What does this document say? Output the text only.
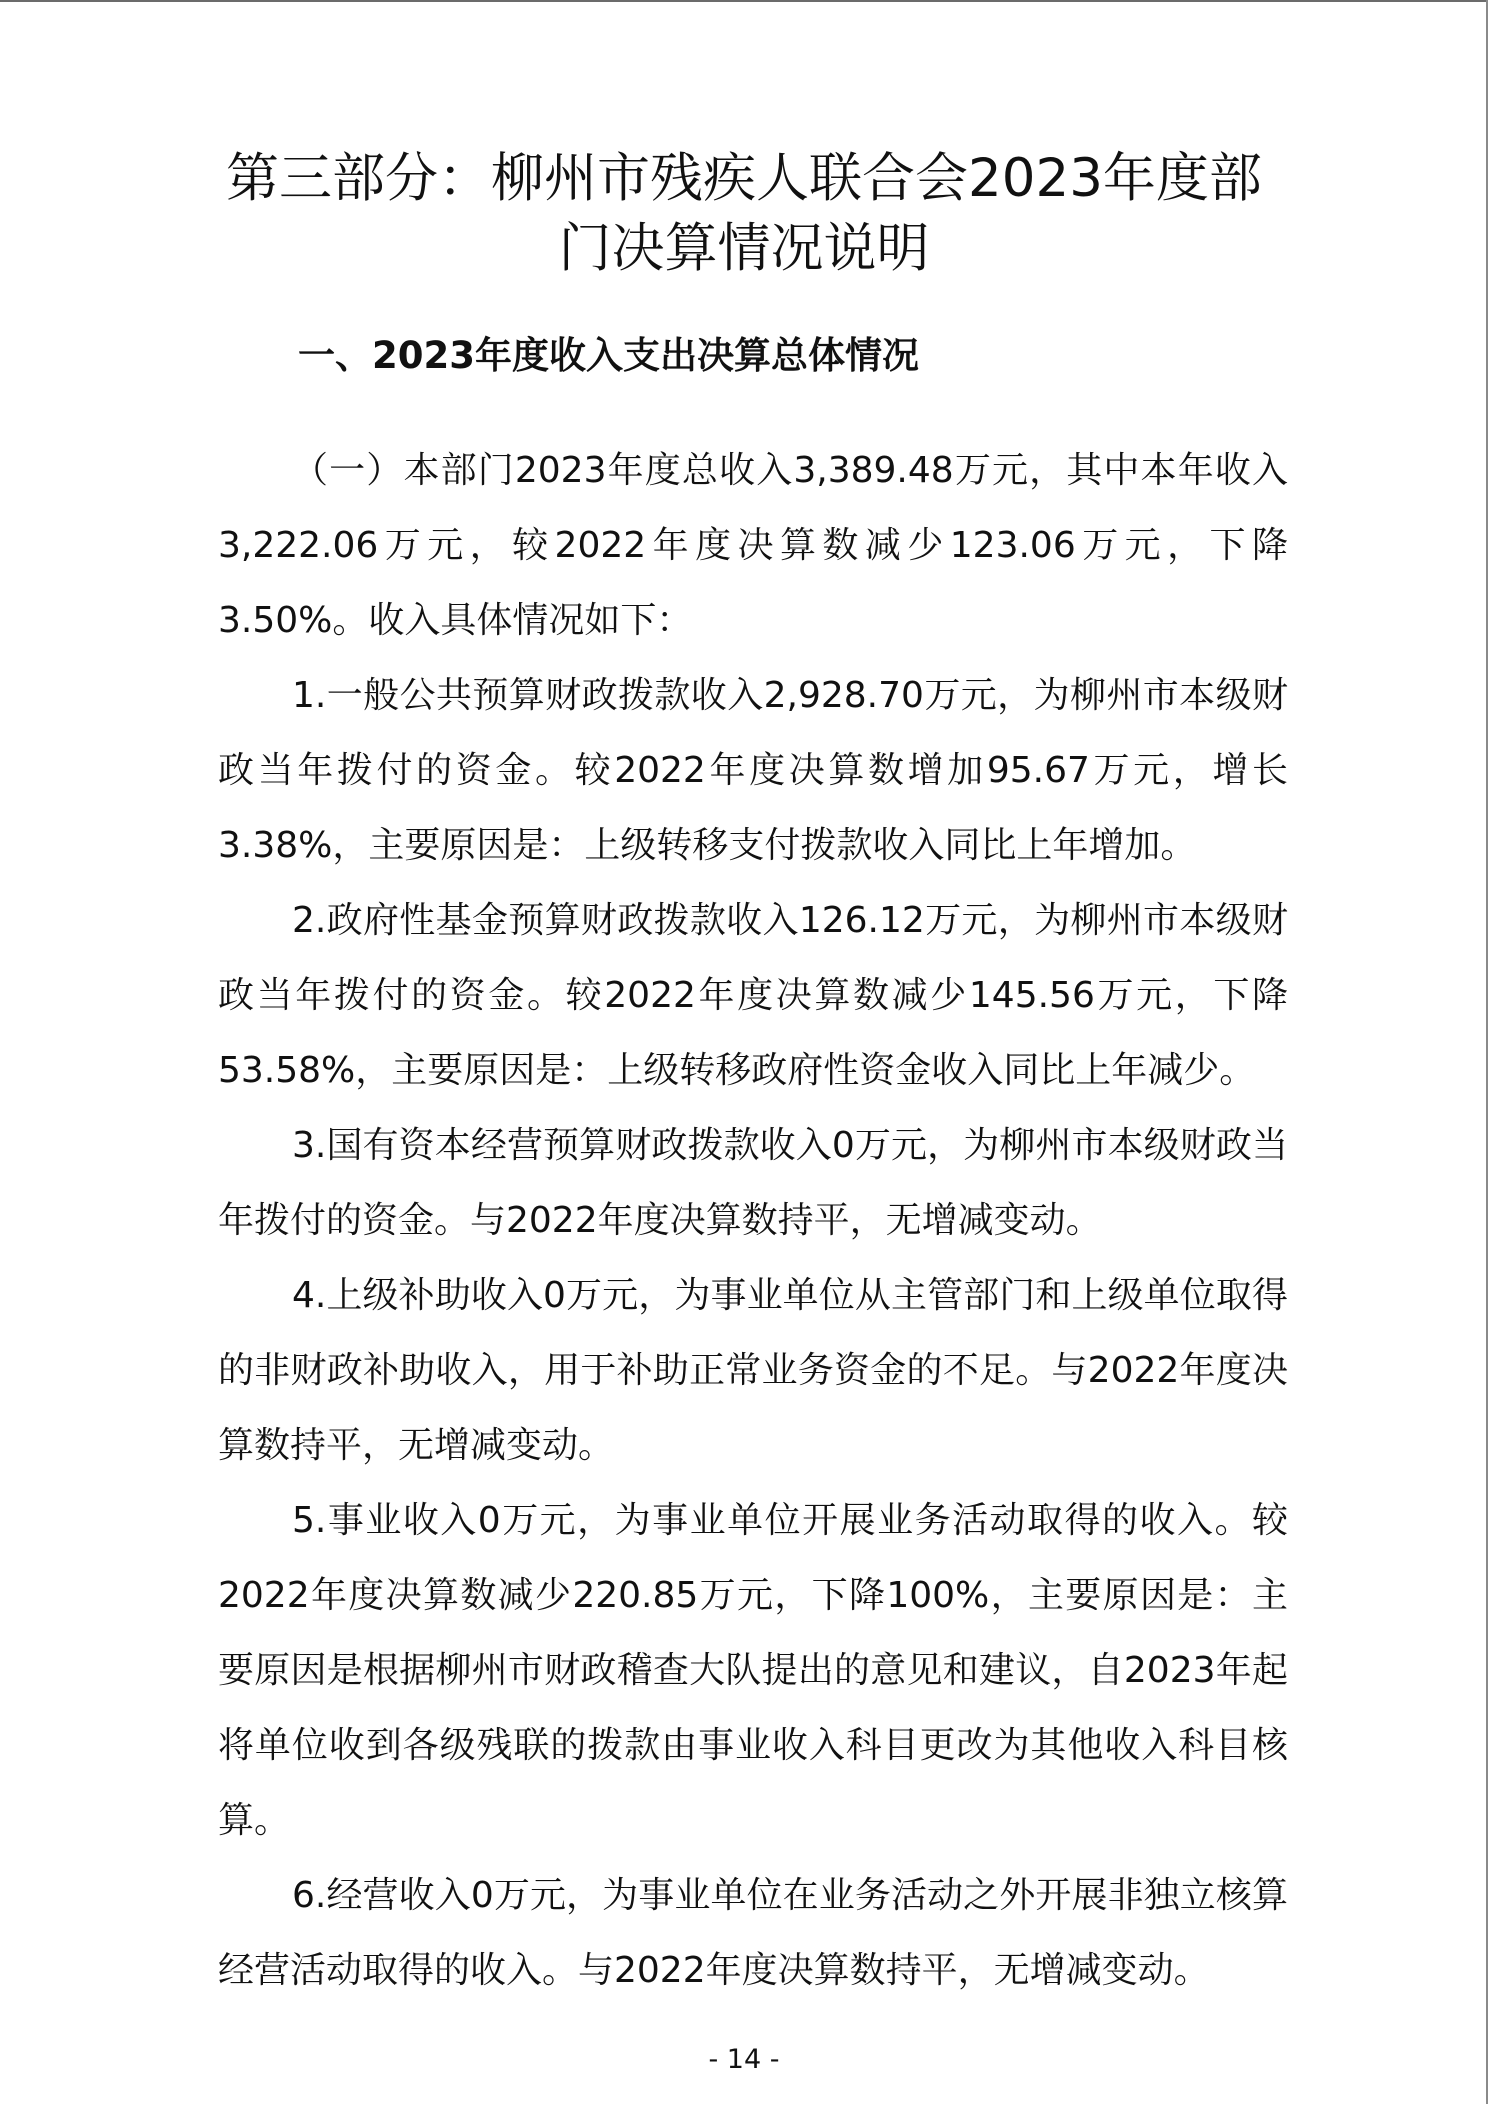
第三部分：柳州市残疾人联合会2023年度部
门决算情况说明
一、2023年度收入支出决算总体情况

（一）本部门2023年度总收入3,389.48万元，其中本年收入3,222.06万元，较2022年度决算数减少123.06万元，下降3.50%。收入具体情况如下：

1.一般公共预算财政拨款收入2,928.70万元，为柳州市本级财政当年拨付的资金。较2022年度决算数增加95.67万元，增长3.38%，主要原因是：上级转移支付拨款收入同比上年增加。

2.政府性基金预算财政拨款收入126.12万元，为柳州市本级财政当年拨付的资金。较2022年度决算数减少145.56万元，下降53.58%，主要原因是：上级转移政府性资金收入同比上年减少。

3.国有资本经营预算财政拨款收入0万元，为柳州市本级财政当年拨付的资金。与2022年度决算数持平，无增减变动。

4.上级补助收入0万元，为事业单位从主管部门和上级单位取得的非财政补助收入，用于补助正常业务资金的不足。与2022年度决算数持平，无增减变动。

5.事业收入0万元，为事业单位开展业务活动取得的收入。较2022年度决算数减少220.85万元，下降100%，主要原因是：主要原因是根据柳州市财政稽查大队提出的意见和建议，自2023年起将单位收到各级残联的拨款由事业收入科目更改为其他收入科目核算。

6.经营收入0万元，为事业单位在业务活动之外开展非独立核算经营活动取得的收入。与2022年度决算数持平，无增减变动。

- 14 -
